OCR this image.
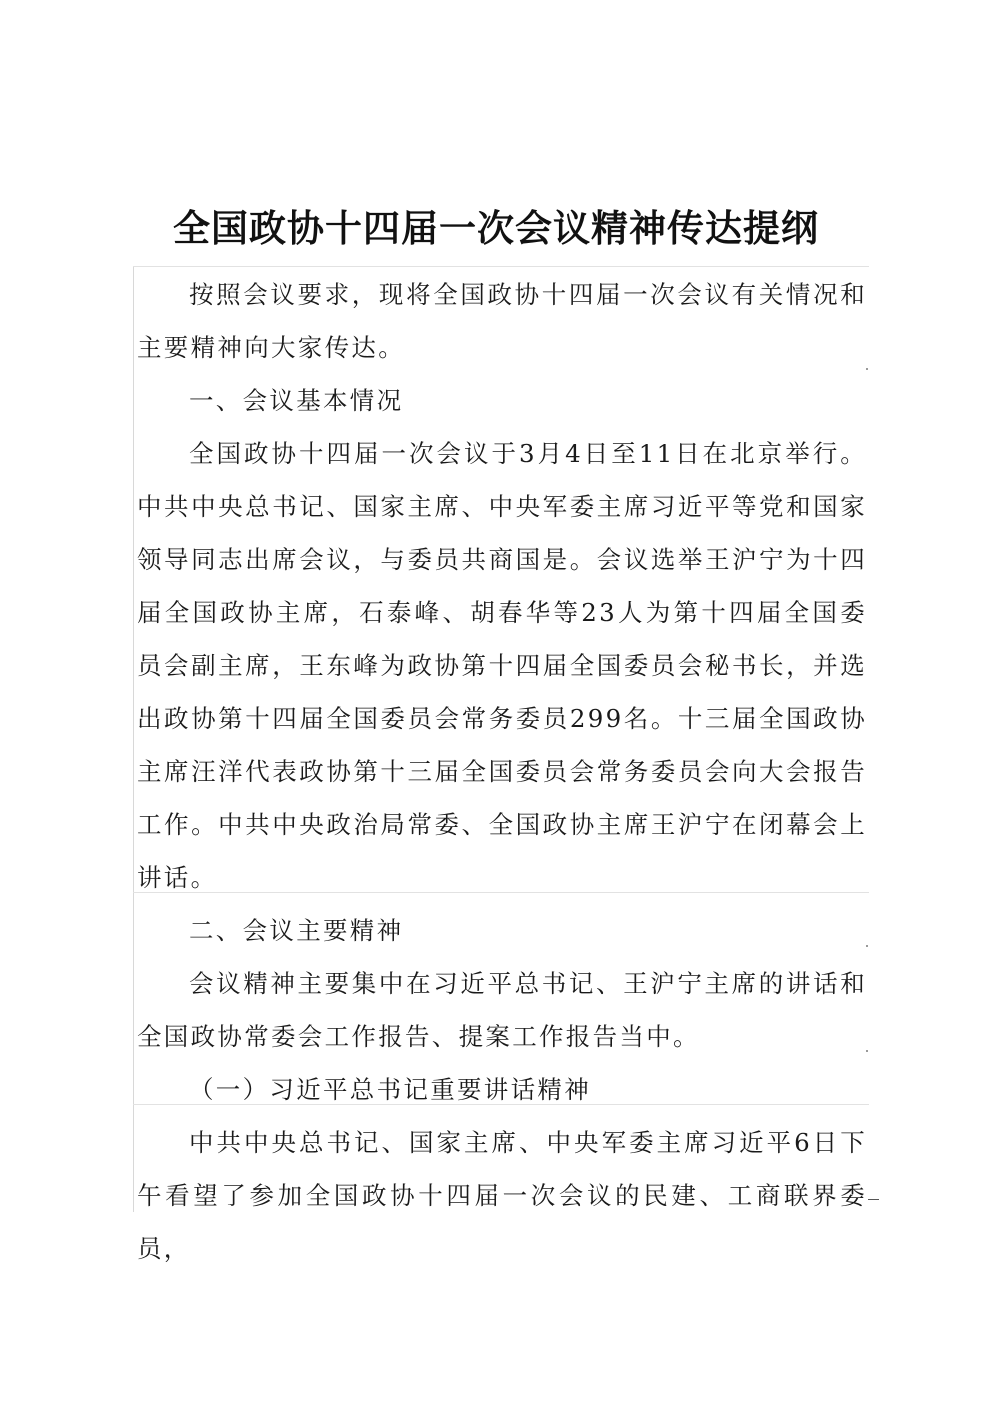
全国政协十四届一次会议精神传达提纲

按照会议要求，现将全国政协十四届一次会议有关情况和主要精神向大家传达。

一、会议基本情况

全国政协十四届一次会议于3月4日至11日在北京举行。中共中央总书记、国家主席、中央军委主席习近平等党和国家领导同志出席会议，与委员共商国是。会议选举王沪宁为十四届全国政协主席，石泰峰、胡春华等23人为第十四届全国委员会副主席，王东峰为政协第十四届全国委员会秘书长，并选出政协第十四届全国委员会常务委员299名。十三届全国政协主席汪洋代表政协第十三届全国委员会常务委员会向大会报告工作。中共中央政治局常委、全国政协主席王沪宁在闭幕会上讲话。

二、会议主要精神

会议精神主要集中在习近平总书记、王沪宁主席的讲话和全国政协常委会工作报告、提案工作报告当中。

（一）习近平总书记重要讲话精神

中共中央总书记、国家主席、中央军委主席习近平6日下午看望了参加全国政协十四届一次会议的民建、工商联界委员，
